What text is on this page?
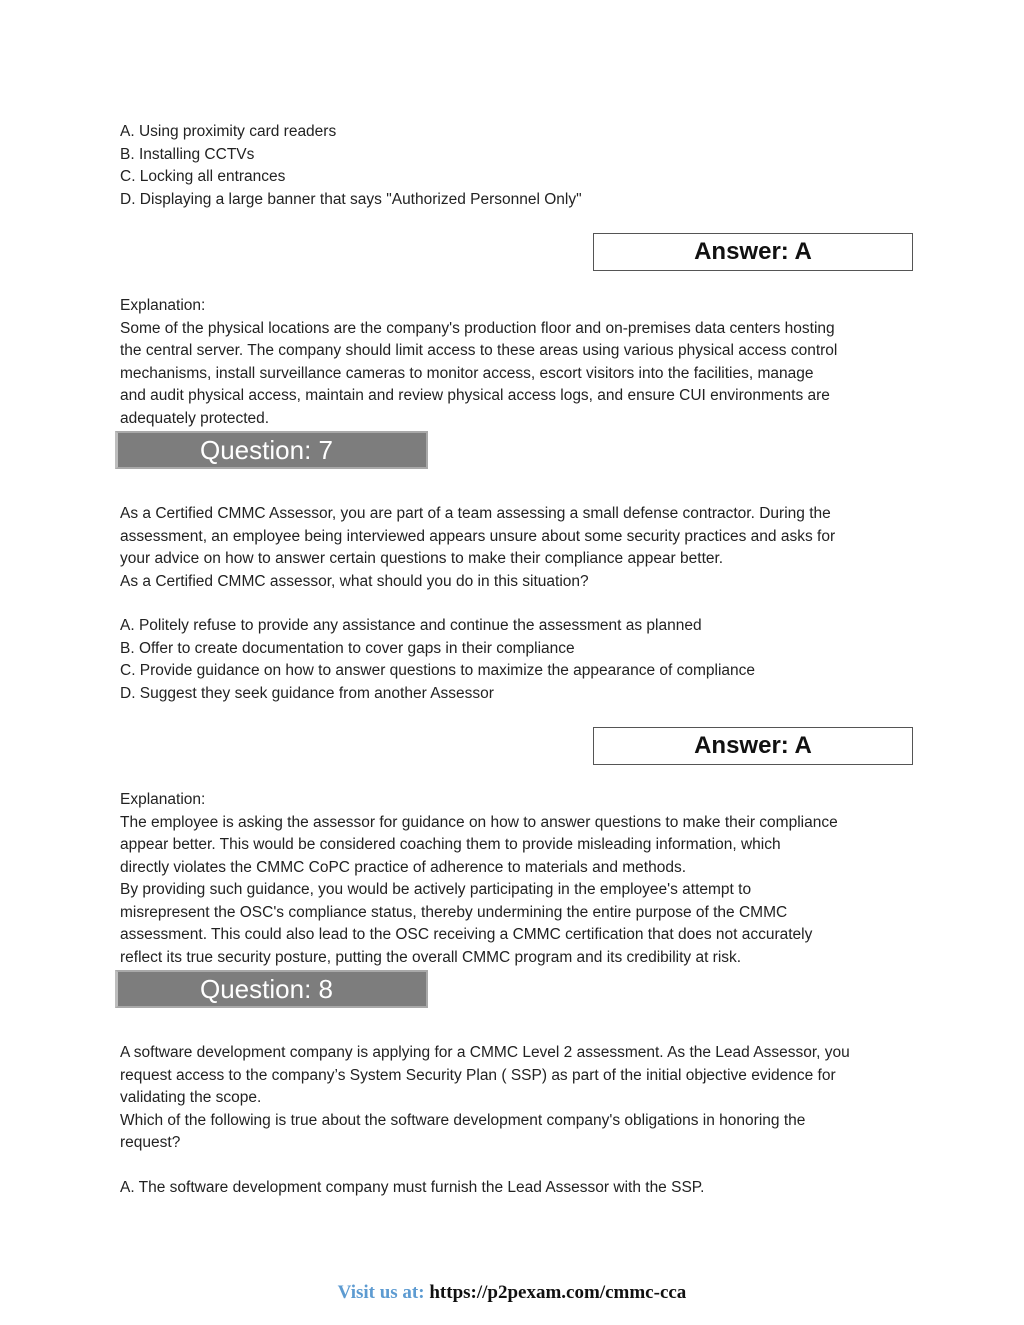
A. Using proximity card readers
B. Installing CCTVs
C. Locking all entrances
D. Displaying a large banner that says "Authorized Personnel Only"
Answer: A
Explanation:
Some of the physical locations are the company's production floor and on-premises data centers hosting
the central server. The company should limit access to these areas using various physical access control
mechanisms, install surveillance cameras to monitor access, escort visitors into the facilities, manage
and audit physical access, maintain and review physical access logs, and ensure CUI environments are
adequately protected.
Question: 7
As a Certified CMMC Assessor, you are part of a team assessing a small defense contractor. During the
assessment, an employee being interviewed appears unsure about some security practices and asks for
your advice on how to answer certain questions to make their compliance appear better.
As a Certified CMMC assessor, what should you do in this situation?
A. Politely refuse to provide any assistance and continue the assessment as planned
B. Offer to create documentation to cover gaps in their compliance
C. Provide guidance on how to answer questions to maximize the appearance of compliance
D. Suggest they seek guidance from another Assessor
Answer: A
Explanation:
The employee is asking the assessor for guidance on how to answer questions to make their compliance
appear better. This would be considered coaching them to provide misleading information, which
directly violates the CMMC CoPC practice of adherence to materials and methods.
By providing such guidance, you would be actively participating in the employee's attempt to
misrepresent the OSC's compliance status, thereby undermining the entire purpose of the CMMC
assessment. This could also lead to the OSC receiving a CMMC certification that does not accurately
reflect its true security posture, putting the overall CMMC program and its credibility at risk.
Question: 8
A software development company is applying for a CMMC Level 2 assessment. As the Lead Assessor, you
request access to the company’s System Security Plan ( SSP) as part of the initial objective evidence for
validating the scope.
Which of the following is true about the software development company's obligations in honoring the
request?
A. The software development company must furnish the Lead Assessor with the SSP.
Visit us at: https://p2pexam.com/cmmc-cca
